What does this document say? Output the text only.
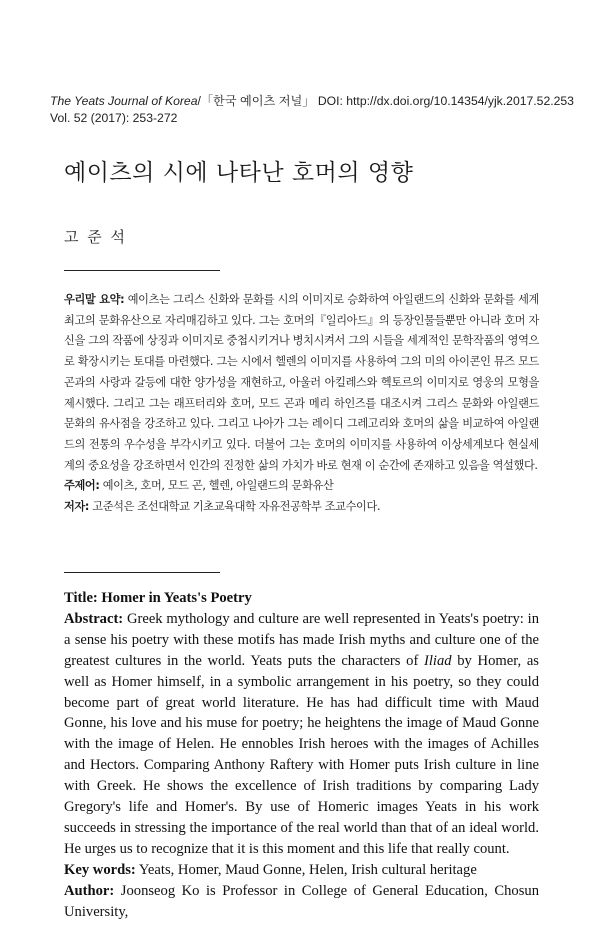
The Yeats Journal of Korea/「한국 예이츠 저널」 DOI: http://dx.doi.org/10.14354/yjk.2017.52.253
Vol. 52 (2017): 253-272
예이츠의 시에 나타난 호머의 영향
고 준 석

우리말 요약: 예이츠는 그리스 신화와 문화를 시의 이미지로 승화하여 아일랜드의 신화와 문화를 세계 최고의 문화유산으로 자리매김하고 있다. 그는 호머의『일리아드』의 등장인물들뿐만 아니라 호머 자신을 그의 작품에 상징과 이미지로 중첩시키거나 병치시켜서 그의 시들을 세계적인 문학작품의 영역으로 확장시키는 토대를 마련했다. 그는 시에서 헬렌의 이미지를 사용하여 그의 미의 아이콘인 뮤즈 모드 곤과의 사랑과 갈등에 대한 양가성을 재현하고, 아울러 아킬레스와 헥토르의 이미지로 영웅의 모형을 제시했다. 그리고 그는 래프터리와 호머, 모드 곤과 메리 하인즈를 대조시켜 그리스 문화와 아일랜드 문화의 유사점을 강조하고 있다. 그리고 나아가 그는 레이디 그레고리와 호머의 삶을 비교하여 아일랜드의 전통의 우수성을 부각시키고 있다. 더불어 그는 호머의 이미지를 사용하여 이상세계보다 현실세계의 중요성을 강조하면서 인간의 진정한 삶의 가치가 바로 현재 이 순간에 존재하고 있음을 역설했다.

주제어: 예이츠, 호머, 모드 곤, 헬렌, 아일랜드의 문화유산

저자: 고준석은 조선대학교 기초교육대학 자유전공학부 조교수이다.

Title: Homer in Yeats's Poetry

Abstract: Greek mythology and culture are well represented in Yeats's poetry: in a sense his poetry with these motifs has made Irish myths and culture one of the greatest cultures in the world. Yeats puts the characters of Iliad by Homer, as well as Homer himself, in a symbolic arrangement in his poetry, so they could become part of great world literature. He has had difficult time with Maud Gonne, his love and his muse for poetry; he heightens the image of Maud Gonne with the image of Helen. He ennobles Irish heroes with the images of Achilles and Hectors. Comparing Anthony Raftery with Homer puts Irish culture in line with Greek. He shows the excellence of Irish traditions by comparing Lady Gregory's life and Homer's. By use of Homeric images Yeats in his work succeeds in stressing the importance of the real world than that of an ideal world. He urges us to recognize that it is this moment and this life that really count.

Key words: Yeats, Homer, Maud Gonne, Helen, Irish cultural heritage

Author: Joonseog Ko is Professor in College of General Education, Chosun University,
